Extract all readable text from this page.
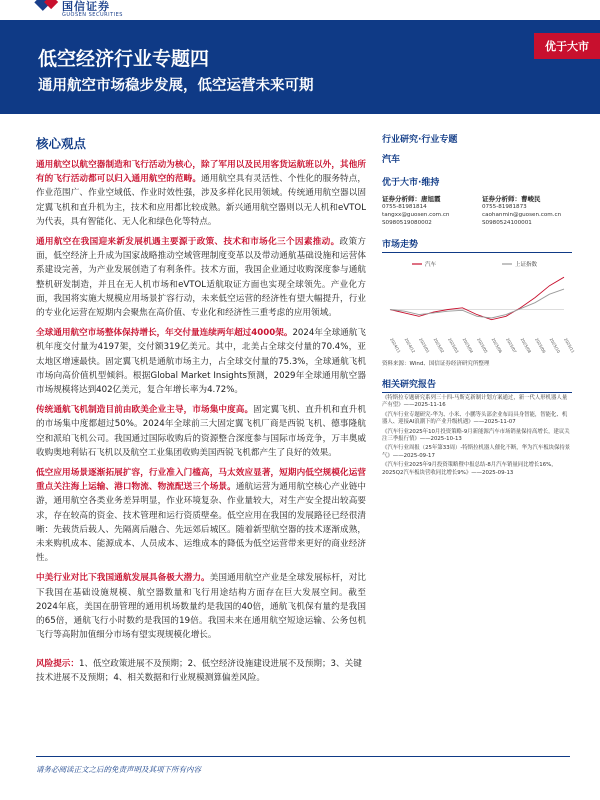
国信证券
GUOSEN SECURITIES
低空经济行业专题四
通用航空市场稳步发展，低空运营未来可期
优于大市
核心观点
通用航空以航空器制造和飞行活动为核心，除了军用以及民用客货运航班以外，其他所有的飞行活动都可以归入通用航空的范畴。通用航空具有灵活性、个性化的服务特点，作业范围广、作业空域低、作业时效性强，涉及多样化民用领域。传统通用航空器以固定翼飞机和直升机为主，技术和应用都比较成熟。新兴通用航空器则以无人机和eVTOL为代表，具有智能化、无人化和绿色化等特点。
通用航空在我国迎来新发展机遇主要源于政策、技术和市场化三个因素推动。政策方面，低空经济上升成为国家战略推动空域管理制度变革以及带动通航基础设施和运营体系建设完善，为产业发展创造了有利条件。技术方面，我国企业通过收购深度参与通航整机研发制造，并且在无人机市场和eVTOL适航取证方面也实现全球领先。产业化方面，我国将实施大规模应用场景扩容行动，未来低空运营的经济性有望大幅提升，行业的专业化运营在短期内会聚焦在高价值、专业化和经济性三重考虑的应用领域。
全球通用航空市场整体保持增长，年交付量连续两年超过4000架。2024年全球通航飞机年度交付量为4197架，交付额319亿美元。其中，北美占全球交付量的70.4%，亚太地区增速最快。固定翼飞机是通航市场主力，占全球交付量的75.3%，全球通航飞机市场向高价值机型倾斜。根据Global Market Insights预测，2029年全球通用航空器市场规模将达到402亿美元，复合年增长率为4.72%。
传统通航飞机制造目前由欧美企业主导，市场集中度高。固定翼飞机、直升机和直升机的市场集中度都超过50%。2024年全球前三大固定翼飞机厂商是西锐飞机、德事隆航空和派珀飞机公司。我国通过国际收购后的资源整合深度参与国际市场竞争，万丰奥威收购奥地利钻石飞机以及航空工业集团收购美国西锐飞机都产生了良好的效果。
低空应用场景逐渐拓展扩容，行业准入门槛高，马太效应显著，短期内低空规模化运营重点关注海上运输、港口物流、物流配送三个场景。通航运营为通用航空核心产业链中游，通用航空各类业务差异明显，作业环境复杂、作业量较大，对生产安全提出较高要求，存在较高的资金、技术管理和运行资质壁垒。低空应用在我国的发展路径已经很清晰：先载货后载人、先隔离后融合、先远郊后城区。随着新型航空器的技术逐渐成熟，未来购机成本、能源成本、人员成本、运维成本的降低为低空运营带来更好的商业经济性。
中美行业对比下我国通航发展具备极大潜力。美国通用航空产业是全球发展标杆，对比下我国在基础设施规模、航空器数量和飞行用途结构方面存在巨大发展空间。截至2024年底，美国在册管理的通用机场数量约是我国的40倍，通航飞机保有量约是我国的65倍，通航飞行小时数约是我国的19倍。我国未来在通用航空短途运输、公务包机飞行等高附加值细分市场有望实现规模化增长。
风险提示：1、低空政策进展不及预期；2、低空经济设施建设进展不及预期；3、关键技术进展不及预期；4、相关数据和行业规模测算偏差风险。
行业研究·行业专题
汽车
优于大市·维持
证券分析师：唐旭霞
0755-81981814
tangxx@guosen.com.cn
S0980519080002
证券分析师：曹峻民
0755-81981873
caohanmin@guosen.com.cn
S0980524100001
市场走势
汽车	上证指数
2024/11 2024/12 2025/01 2025/02 2025/03 2025/04 2025/05 2025/06 2025/07 2025/08 2025/09 2025/10 2025/11
资料来源：Wind、国信证券经济研究所整理
相关研究报告
《特斯拉专题研究系列三十四-马斯克新制计划方案通过，新一代人形机器人量产有望》——2025-11-16
《汽车行业专题研究-华为、小米、小鹏等头部企业布局具身智能，智能化、机器人、迎接AI浪潮下的产业升级机遇》——2025-11-07
《汽车行业2025年10月投资策略-9月新能源汽车市场销量保持高增长，建议关注三季报行情》——2025-10-13
《汽车行业周报（25年第33周）-特斯拉机器人催化不断，华为汽车板块保持景气》——2025-09-17
《汽车行业2025年9月投资策略暨中报总结-8月汽车销量同比增长16%，2025Q2汽车板块营收同比增长9%》——2025-09-13
请务必阅读正文之后的免责声明及其项下所有内容
